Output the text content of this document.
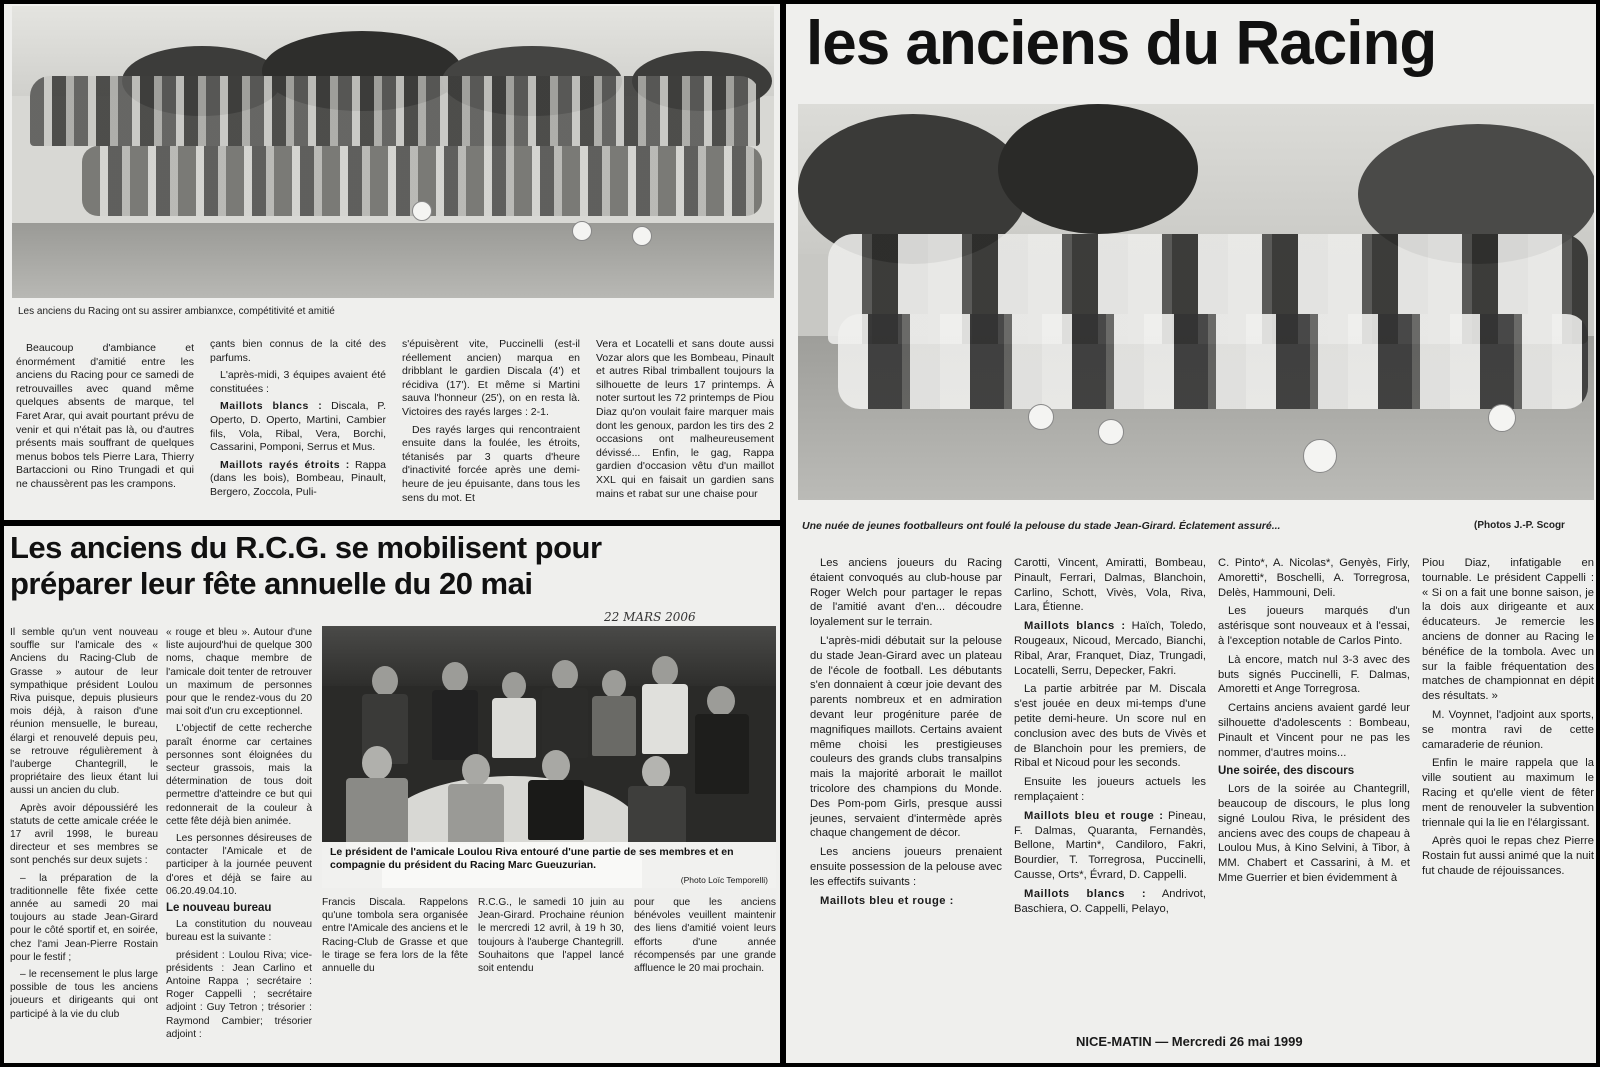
Les anciens du Racing ont su assirer ambianxce, compétitivité et amitié

Beaucoup d'ambiance et énormément d'amitié entre les anciens du Racing pour ce samedi de retrouvailles avec quand même quelques absents de marque, tel Faret Arar, qui avait pourtant prévu de venir et qui n'était pas là, ou d'autres présents mais souffrant de quelques menus bobos tels Pierre Lara, Thierry Bartaccioni ou Rino Trungadi et qui ne chaussèrent pas les crampons.

çants bien connus de la cité des parfums.

L'après-midi, 3 équipes avaient été constituées :

Maillots blancs : Discala, P. Operto, D. Operto, Martini, Cambier fils, Vola, Ribal, Vera, Borchi, Cassarini, Pomponi, Serrus et Mus.

Maillots rayés étroits : Rappa (dans les bois), Bombeau, Pinault, Bergero, Zoccola, Puli-

s'épuisèrent vite, Puccinelli (est-il réellement ancien) marqua en dribblant le gardien Discala (4') et récidiva (17'). Et même si Martini sauva l'honneur (25'), on en resta là. Victoires des rayés larges : 2-1.

Des rayés larges qui rencontraient ensuite dans la foulée, les étroits, tétanisés par 3 quarts d'heure d'inactivité forcée après une demi-heure de jeu épuisante, dans tous les sens du mot. Et

Vera et Locatelli et sans doute aussi Vozar alors que les Bombeau, Pinault et autres Ribal trimballent toujours la silhouette de leurs 17 printemps. À noter surtout les 72 printemps de Piou Diaz qu'on voulait faire marquer mais dont les genoux, pardon les tirs des 2 occasions ont malheureusement dévissé... Enfin, le gag, Rappa gardien d'occasion vêtu d'un maillot XXL qui en faisait un gardien sans mains et rabat sur une chaise pour

Les anciens du R.C.G. se mobilisent pour
préparer leur fête annuelle du 20 mai
22 MARS 2006

Il semble qu'un vent nouveau souffle sur l'amicale des « Anciens du Racing-Club de Grasse » autour de leur sympathique président Loulou Riva puisque, depuis plusieurs mois déjà, à raison d'une réunion mensuelle, le bureau, élargi et renouvelé depuis peu, se retrouve régulièrement à l'auberge Chantegrill, le propriétaire des lieux étant lui aussi un ancien du club.

Après avoir dépoussiéré les statuts de cette amicale créée le 17 avril 1998, le bureau directeur et ses membres se sont penchés sur deux sujets :

– la préparation de la traditionnelle fête fixée cette année au samedi 20 mai toujours au stade Jean-Girard pour le côté sportif et, en soirée, chez l'ami Jean-Pierre Rostain pour le festif ;

– le recensement le plus large possible de tous les anciens joueurs et dirigeants qui ont participé à la vie du club

« rouge et bleu ». Autour d'une liste aujourd'hui de quelque 300 noms, chaque membre de l'amicale doit tenter de retrouver un maximum de personnes pour que le rendez-vous du 20 mai soit d'un cru exceptionnel.

L'objectif de cette recherche paraît énorme car certaines personnes sont éloignées du secteur grassois, mais la détermination de tous doit permettre d'atteindre ce but qui redonnerait de la couleur à cette fête déjà bien animée.

Les personnes désireuses de contacter l'Amicale et de participer à la journée peuvent d'ores et déjà se faire au 06.20.49.04.10.

Le nouveau bureau

La constitution du nouveau bureau est la suivante :

président : Loulou Riva; vice-présidents : Jean Carlino et Antoine Rappa ; secrétaire : Roger Cappelli ; secrétaire adjoint : Guy Tetron ; trésorier : Raymond Cambier; trésorier adjoint :

Le président de l'amicale Loulou Riva entouré d'une partie de ses membres et en compagnie du président du Racing Marc Gueuzurian.
(Photo Loïc Temporelli)

Francis Discala. Rappelons qu'une tombola sera organisée entre l'Amicale des anciens et le Racing-Club de Grasse et que le tirage se fera lors de la fête annuelle du

R.C.G., le samedi 10 juin au Jean-Girard. Prochaine réunion le mercredi 12 avril, à 19 h 30, toujours à l'auberge Chantegrill. Souhaitons que l'appel lancé soit entendu

pour que les anciens bénévoles veuillent maintenir des liens d'amitié voient leurs efforts d'une année récompensés par une grande affluence le 20 mai prochain.

les anciens du Racing
Une nuée de jeunes footballeurs ont foulé la pelouse du stade Jean-Girard. Éclatement assuré...	(Photos J.-P. Scogr

Les anciens joueurs du Racing étaient convoqués au club-house par Roger Welch pour partager le repas de l'amitié avant d'en... découdre loyalement sur le terrain.

L'après-midi débutait sur la pelouse du stade Jean-Girard avec un plateau de l'école de football. Les débutants s'en donnaient à cœur joie devant des parents nombreux et en admiration devant leur progéniture parée de magnifiques maillots. Certains avaient même choisi les prestigieuses couleurs des grands clubs transalpins mais la majorité arborait le maillot tricolore des champions du Monde. Des Pom-pom Girls, presque aussi jeunes, servaient d'intermède après chaque changement de décor.

Les anciens joueurs prenaient ensuite possession de la pelouse avec les effectifs suivants :

Maillots bleu et rouge :

Carotti, Vincent, Amiratti, Bombeau, Pinault, Ferrari, Dalmas, Blanchoin, Carlino, Schott, Vivès, Vola, Riva, Lara, Étienne.

Maillots blancs : Haïch, Toledo, Rougeaux, Nicoud, Mercado, Bianchi, Ribal, Arar, Franquet, Diaz, Trungadi, Locatelli, Serru, Depecker, Fakri.

La partie arbitrée par M. Discala s'est jouée en deux mi-temps d'une petite demi-heure. Un score nul en conclusion avec des buts de Vivès et de Blanchoin pour les premiers, de Ribal et Nicoud pour les seconds.

Ensuite les joueurs actuels les remplaçaient :

Maillots bleu et rouge : Pineau, F. Dalmas, Quaranta, Fernandès, Bellone, Martin*, Candiloro, Fakri, Bourdier, T. Torregrosa, Puccinelli, Causse, Orts*, Évrard, D. Cappelli.

Maillots blancs : Andrivot, Baschiera, O. Cappelli, Pelayo,

C. Pinto*, A. Nicolas*, Genyès, Firly, Amoretti*, Boschelli, A. Torregrosa, Delès, Hammouni, Deli.

Les joueurs marqués d'un astérisque sont nouveaux et à l'essai, à l'exception notable de Carlos Pinto.

Là encore, match nul 3-3 avec des buts signés Puccinelli, F. Dalmas, Amoretti et Ange Torregrosa.

Certains anciens avaient gardé leur silhouette d'adolescents : Bombeau, Pinault et Vincent pour ne pas les nommer, d'autres moins...

Une soirée, des discours

Lors de la soirée au Chantegrill, beaucoup de discours, le plus long signé Loulou Riva, le président des anciens avec des coups de chapeau à Loulou Mus, à Kino Selvini, à Tibor, à MM. Chabert et Cassarini, à M. et Mme Guerrier et bien évidemment à

Piou Diaz, infatigable en tournable. Le président Cappelli : « Si on a fait une bonne saison, je la dois aux dirigeante et aux éducateurs. Je remercie les anciens de donner au Racing le bénéfice de la tombola. Avec un sur la faible fréquentation des matches de championnat en dépit des résultats. »

M. Voynnet, l'adjoint aux sports, se montra ravi de cette camaraderie de réunion.

Enfin le maire rappela que la ville soutient au maximum le Racing et qu'elle vient de fêter ment de renouveler la subvention triennale qui la lie en l'élargissant.

Après quoi le repas chez Pierre Rostain fut aussi animé que la nuit fut chaude de réjouissances.

NICE-MATIN — Mercredi 26 mai 1999
